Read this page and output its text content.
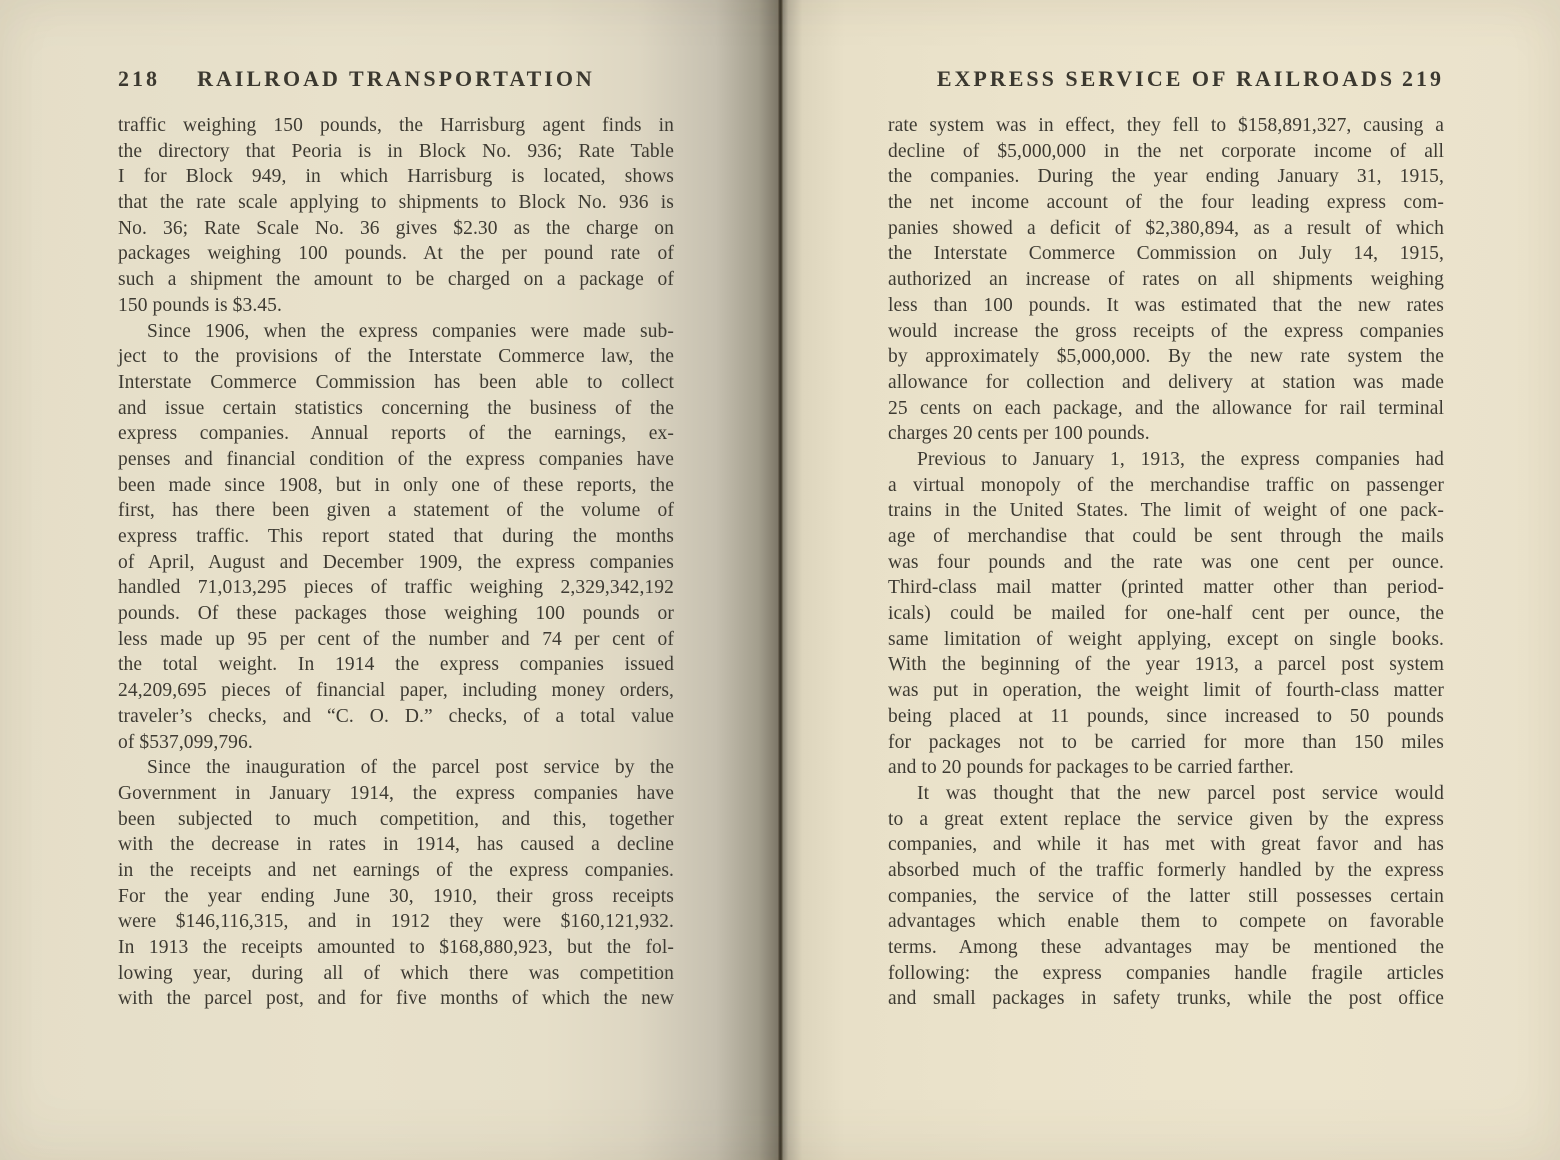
218	RAILROAD TRANSPORTATION
traffic weighing 150 pounds, the Harrisburg agent finds in
the directory that Peoria is in Block No. 936; Rate Table
I for Block 949, in which Harrisburg is located, shows
that the rate scale applying to shipments to Block No. 936 is
No. 36; Rate Scale No. 36 gives $2.30 as the charge on
packages weighing 100 pounds. At the per pound rate of
such a shipment the amount to be charged on a package of
150 pounds is $3.45.
Since 1906, when the express companies were made sub-
ject to the provisions of the Interstate Commerce law, the
Interstate Commerce Commission has been able to collect
and issue certain statistics concerning the business of the
express companies. Annual reports of the earnings, ex-
penses and financial condition of the express companies have
been made since 1908, but in only one of these reports, the
first, has there been given a statement of the volume of
express traffic. This report stated that during the months
of April, August and December 1909, the express companies
handled 71,013,295 pieces of traffic weighing 2,329,342,192
pounds. Of these packages those weighing 100 pounds or
less made up 95 per cent of the number and 74 per cent of
the total weight. In 1914 the express companies issued
24,209,695 pieces of financial paper, including money orders,
traveler’s checks, and “C. O. D.” checks, of a total value
of $537,099,796.
Since the inauguration of the parcel post service by the
Government in January 1914, the express companies have
been subjected to much competition, and this, together
with the decrease in rates in 1914, has caused a decline
in the receipts and net earnings of the express companies.
For the year ending June 30, 1910, their gross receipts
were $146,116,315, and in 1912 they were $160,121,932.
In 1913 the receipts amounted to $168,880,923, but the fol-
lowing year, during all of which there was competition
with the parcel post, and for five months of which the new
EXPRESS SERVICE OF RAILROADS 219
rate system was in effect, they fell to $158,891,327, causing a
decline of $5,000,000 in the net corporate income of all
the companies. During the year ending January 31, 1915,
the net income account of the four leading express com-
panies showed a deficit of $2,380,894, as a result of which
the Interstate Commerce Commission on July 14, 1915,
authorized an increase of rates on all shipments weighing
less than 100 pounds. It was estimated that the new rates
would increase the gross receipts of the express companies
by approximately $5,000,000. By the new rate system the
allowance for collection and delivery at station was made
25 cents on each package, and the allowance for rail terminal
charges 20 cents per 100 pounds.
Previous to January 1, 1913, the express companies had
a virtual monopoly of the merchandise traffic on passenger
trains in the United States. The limit of weight of one pack-
age of merchandise that could be sent through the mails
was four pounds and the rate was one cent per ounce.
Third-class mail matter (printed matter other than period-
icals) could be mailed for one-half cent per ounce, the
same limitation of weight applying, except on single books.
With the beginning of the year 1913, a parcel post system
was put in operation, the weight limit of fourth-class matter
being placed at 11 pounds, since increased to 50 pounds
for packages not to be carried for more than 150 miles
and to 20 pounds for packages to be carried farther.
It was thought that the new parcel post service would
to a great extent replace the service given by the express
companies, and while it has met with great favor and has
absorbed much of the traffic formerly handled by the express
companies, the service of the latter still possesses certain
advantages which enable them to compete on favorable
terms. Among these advantages may be mentioned the
following: the express companies handle fragile articles
and small packages in safety trunks, while the post office
